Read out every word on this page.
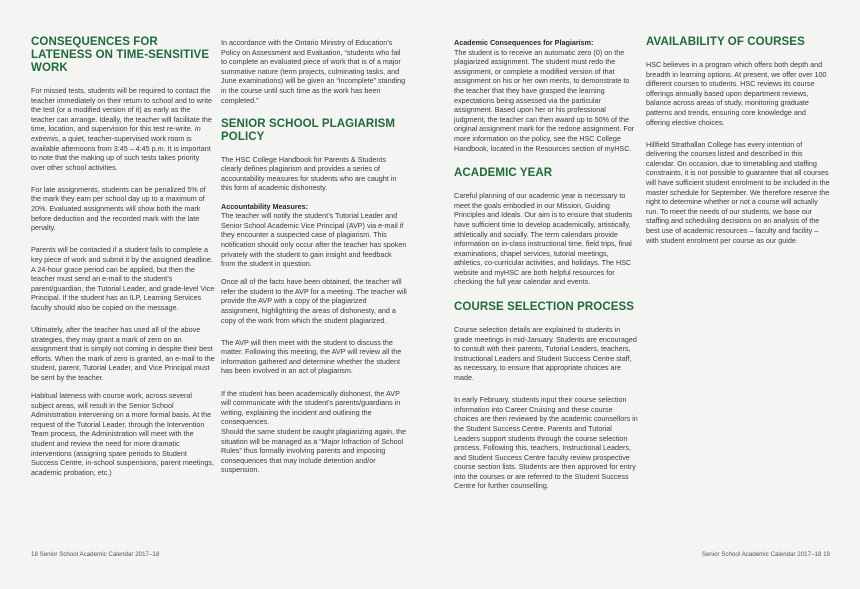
CONSEQUENCES FOR LATENESS ON TIME-SENSITIVE WORK

For missed tests, students will be required to contact the teacher immediately on their return to school and to write the test (or a modified version of it) as early as the teacher can arrange. Ideally, the teacher will facilitate the time, location, and supervision for this test re-write. In extremis, a quiet, teacher-supervised work room is available afternoons from 3:45 – 4:45 p.m. It is important to note that the making up of such tests takes priority over other school activities.

For late assignments, students can be penalized 5% of the mark they earn per school day up to a maximum of 20%. Evaluated assignments will show both the mark before deduction and the recorded mark with the late penalty.

Parents will be contacted if a student fails to complete a key piece of work and submit it by the assigned deadline. A 24-hour grace period can be applied, but then the teacher must send an e-mail to the student’s parent/guardian, the Tutorial Leader, and grade-level Vice Principal. If the student has an ILP, Learning Services faculty should also be copied on the message.

Ultimately, after the teacher has used all of the above strategies, they may grant a mark of zero on an assignment that is simply not coming in despite their best efforts. When the mark of zero is granted, an e-mail to the student, parent, Tutorial Leader, and Vice Principal must be sent by the teacher.

Habitual lateness with course work, across several subject areas, will result in the Senior School Administration intervening on a more formal basis. At the request of the Tutorial Leader, through the Intervention Team process, the Administration will meet with the student and review the need for more dramatic interventions (assigning spare periods to Student Success Centre, in-school suspensions, parent meetings, academic probation, etc.)

In accordance with the Ontario Ministry of Education’s Policy on Assessment and Evaluation, “students who fail to complete an evaluated piece of work that is of a major summative nature (term projects, culminating tasks, and June examinations) will be given an “incomplete” standing in the course until such time as the work has been completed.”

SENIOR SCHOOL PLAGIARISM POLICY

The HSC College Handbook for Parents & Students clearly defines plagiarism and provides a series of accountability measures for students who are caught in this form of academic dishonesty.

Accountability Measures:

The teacher will notify the student’s Tutorial Leader and Senior School Academic Vice Principal (AVP) via e-mail if they encounter a suspected case of plagiarism. This notification should only occur after the teacher has spoken privately with the student to gain insight and feedback from the student in question.

Once all of the facts have been obtained, the teacher will refer the student to the AVP for a meeting. The teacher will provide the AVP with a copy of the plagiarized assignment, highlighting the areas of dishonesty, and a copy of the work from which the student plagiarized.

The AVP will then meet with the student to discuss the matter. Following this meeting, the AVP will review all the information gathered and determine whether the student has been involved in an act of plagiarism.

If the student has been academically dishonest, the AVP will communicate with the student’s parents/guardians in writing, explaining the incident and outlining the consequences.
Should the same student be caught plagiarizing again, the situation will be managed as a “Major Infraction of School Rules” thus formally involving parents and imposing consequences that may include detention and/or suspension.

Academic Consequences for Plagiarism:

The student is to receive an automatic zero (0) on the plagiarized assignment. The student must redo the assignment, or complete a modified version of that assignment on his or her own merits, to demonstrate to the teacher that they have grasped the learning expectations being assessed via the particular assignment. Based upon her or his professional judgment, the teacher can then award up to 50% of the original assignment mark for the redone assignment. For more information on the policy, see the HSC College Handbook, located in the Resources section of myHSC.

ACADEMIC YEAR

Careful planning of our academic year is necessary to meet the goals embodied in our Mission, Guiding Principles and Ideals. Our aim is to ensure that students have sufficient time to develop academically, artistically, athletically and socially. The term calendars provide information on in-class instructional time, field trips, final examinations, chapel services, tutorial meetings, athletics, co-curricular activities, and holidays. The HSC website and myHSC are both helpful resources for checking the full year calendar and events.

COURSE SELECTION PROCESS

Course selection details are explained to students in grade meetings in mid-January. Students are encouraged to consult with their parents, Tutorial Leaders, teachers, Instructional Leaders and Student Success Centre staff, as necessary, to ensure that appropriate choices are made.

In early February, students input their course selection information into Career Cruising and these course choices are then reviewed by the academic counsellors in the Student Success Centre. Parents and Tutorial Leaders support students through the course selection process. Following this, teachers, Instructional Leaders, and Student Success Centre faculty review prospective course section lists. Students are then approved for entry into the courses or are referred to the Student Success Centre for further counselling.

AVAILABILITY OF COURSES

HSC believes in a program which offers both depth and breadth in learning options. At present, we offer over 100 different courses to students. HSC reviews its course offerings annually based upon department reviews, balance across areas of study, monitoring graduate patterns and trends, ensuring core knowledge and offering elective choices.

Hillfield Strathallan College has every intention of delivering the courses listed and described in this calendar. On occasion, due to timetabling and staffing constraints, it is not possible to guarantee that all courses will have sufficient student enrolment to be included in the master schedule for September. We therefore reserve the right to determine whether or not a course will actually run. To meet the needs of our students, we base our staffing and scheduling decisions on an analysis of the best use of academic resources – faculty and facility – with student enrolment per course as our guide.

18 Senior School Academic Calendar 2017–18	Senior School Academic Calendar 2017–18 19
